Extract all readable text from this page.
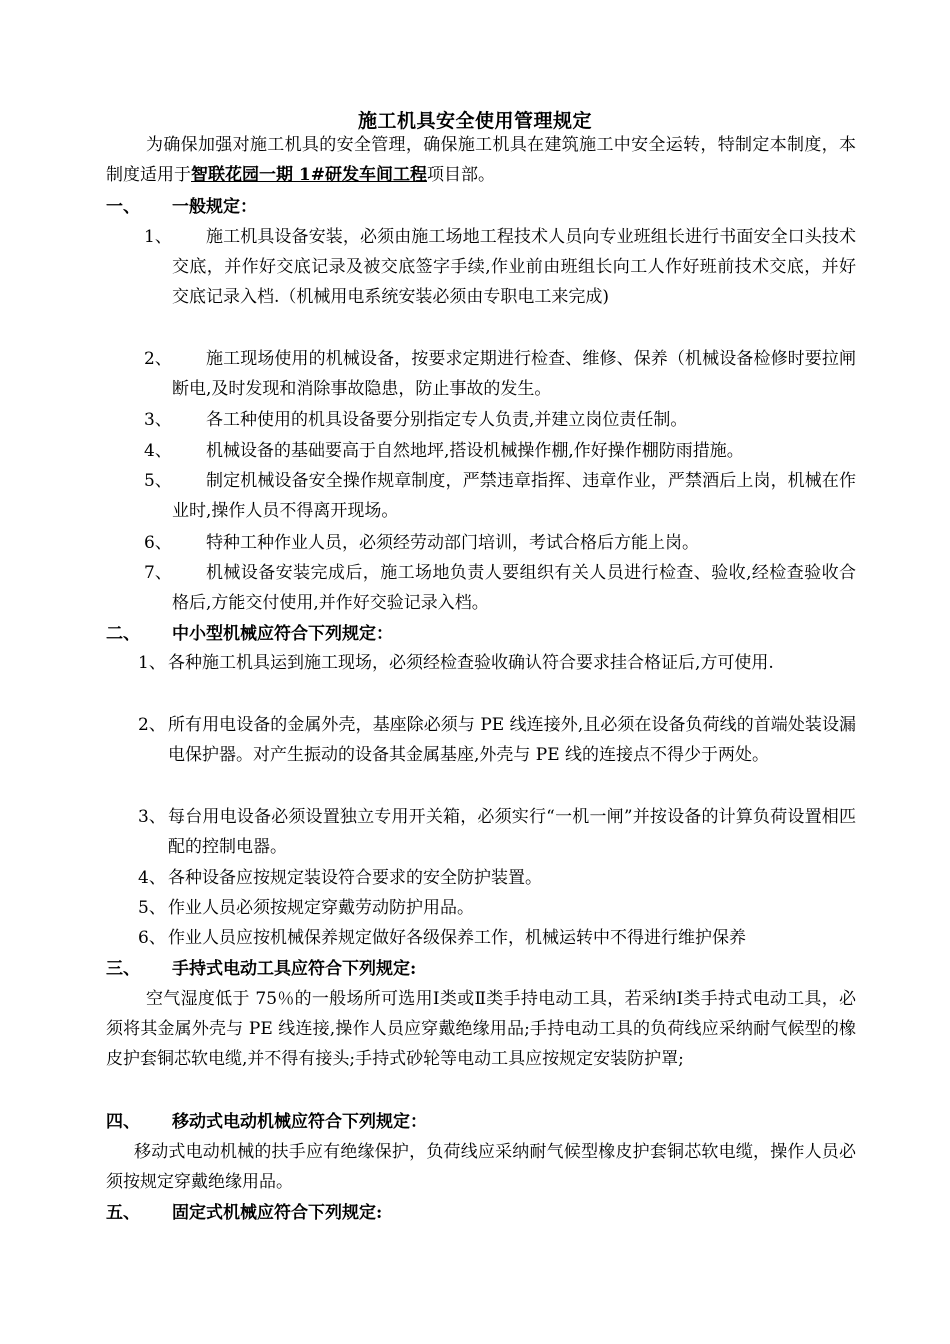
施工机具安全使用管理规定
为确保加强对施工机具的安全管理，确保施工机具在建筑施工中安全运转，特制定本制度，本制度适用于智联花园一期 1#研发车间工程项目部。
一、 一般规定：
1、	施工机具设备安装，必须由施工场地工程技术人员向专业班组长进行书面安全口头技术交底，并作好交底记录及被交底签字手续,作业前由班组长向工人作好班前技术交底，并好交底记录入档.（机械用电系统安装必须由专职电工来完成)
2、	施工现场使用的机械设备，按要求定期进行检查、维修、保养（机械设备检修时要拉闸断电,及时发现和消除事故隐患，防止事故的发生。
3、	各工种使用的机具设备要分别指定专人负责,并建立岗位责任制。
4、	机械设备的基础要高于自然地坪,搭设机械操作棚,作好操作棚防雨措施。
5、	制定机械设备安全操作规章制度，严禁违章指挥、违章作业，严禁酒后上岗，机械在作业时,操作人员不得离开现场。
6、	特种工种作业人员，必须经劳动部门培训，考试合格后方能上岗。
7、	机械设备安装完成后，施工场地负责人要组织有关人员进行检查、验收,经检查验收合格后,方能交付使用,并作好交验记录入档。
二、 中小型机械应符合下列规定：
1、 各种施工机具运到施工现场，必须经检查验收确认符合要求挂合格证后,方可使用.
2、 所有用电设备的金属外壳，基座除必须与 PE 线连接外,且必须在设备负荷线的首端处装设漏电保护器。对产生振动的设备其金属基座,外壳与 PE 线的连接点不得少于两处。
3、 每台用电设备必须设置独立专用开关箱，必须实行“一机一闸”并按设备的计算负荷设置相匹配的控制电器。
4、 各种设备应按规定装设符合要求的安全防护装置。
5、 作业人员必须按规定穿戴劳动防护用品。
6、 作业人员应按机械保养规定做好各级保养工作，机械运转中不得进行维护保养
三、 手持式电动工具应符合下列规定:
空气湿度低于 75％的一般场所可选用Ⅰ类或Ⅱ类手持电动工具，若采纳Ⅰ类手持式电动工具，必须将其金属外壳与 PE 线连接,操作人员应穿戴绝缘用品;手持电动工具的负荷线应采纳耐气候型的橡皮护套铜芯软电缆,并不得有接头;手持式砂轮等电动工具应按规定安装防护罩;
四、 移动式电动机械应符合下列规定：
移动式电动机械的扶手应有绝缘保护，负荷线应采纳耐气候型橡皮护套铜芯软电缆，操作人员必须按规定穿戴绝缘用品。
五、 固定式机械应符合下列规定:
